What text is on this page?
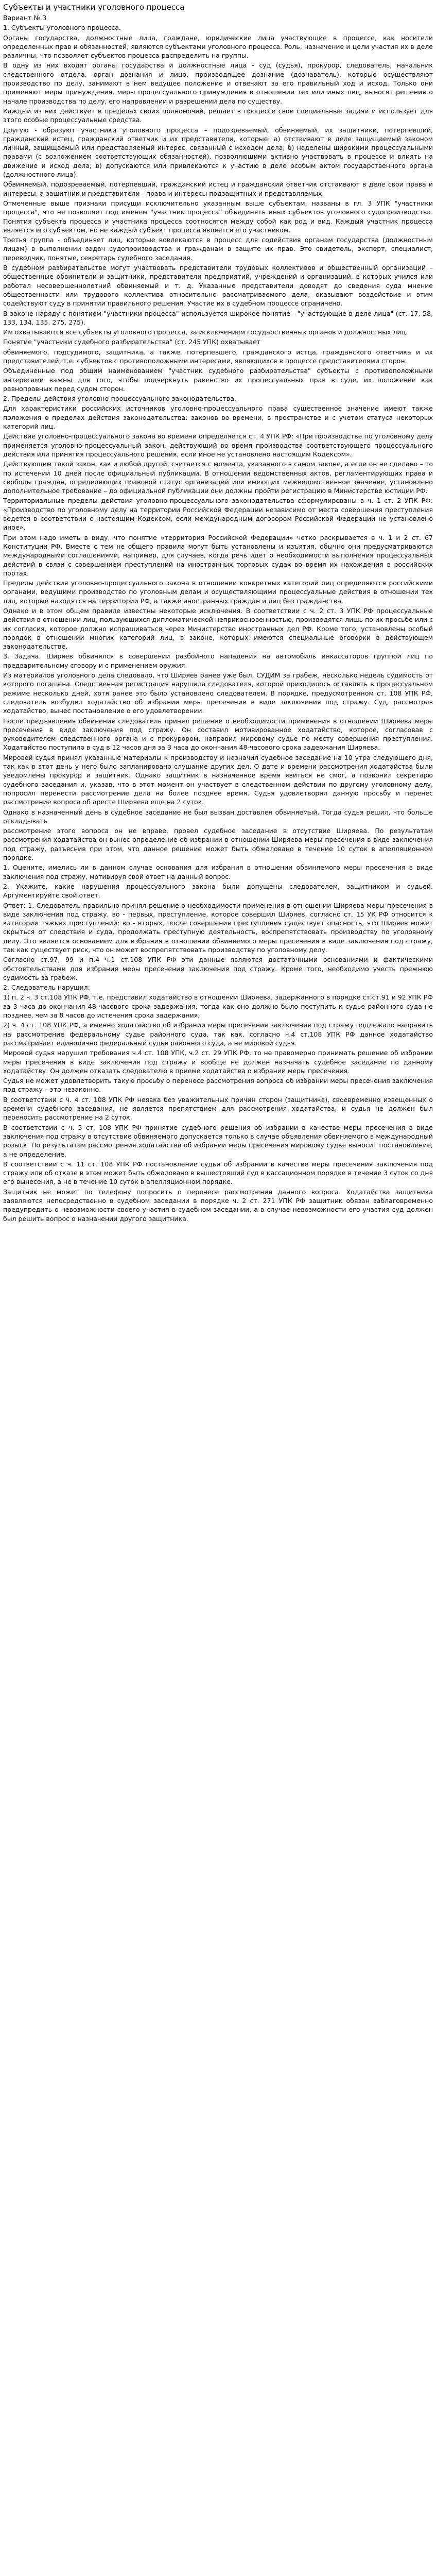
Субъекты и участники уголовного процесса
Вариант № 3
1. Субъекты уголовного процесса.
Органы государства, должностные лица, граждане, юридические лица участвующие в процессе, как носители определенных прав и обязанностей, являются субъектами уголовного процесса. Роль, назначение и цели участия их в деле различны, что позволяет субъектов процесса распределить на группы.
В одну из них входят органы государства и должностные лица - суд (судья), прокурор, следователь, начальник следственного отдела, орган дознания и лицо, производящее дознание (дознаватель), которые осуществляют производство по делу, занимают в нем ведущее положение и отвечают за его правильный ход и исход. Только они применяют меры принуждения, меры процессуального принуждения в отношении тех или иных лиц, выносят решения о начале производства по делу, его направлении и разрешении дела по существу.
Каждый из них действует в пределах своих полномочий, решает в процессе свои специальные задачи и использует для этого особые процессуальные средства.
Другую - образуют участники уголовного процесса – подозреваемый, обвиняемый, их защитники, потерпевший, гражданский истец, гражданский ответчик и их представители, которые: а) отстаивают в деле защищаемый законом личный, защищаемый или представляемый интерес, связанный с исходом дела; б) наделены широкими процессуальными правами (с возложением соответствующих обязанностей), позволяющими активно участвовать в процессе и влиять на движение и исход дела; в) допускаются или привлекаются к участию в деле особым актом государственного органа (должностного лица).
Обвиняемый, подозреваемый, потерпевший, гражданский истец и гражданский ответчик отстаивают в деле свои права и интересы, а защитник и представители - права и интересы подзащитных и представляемых.
Отмеченные выше признаки присущи исключительно указанным выше субъектам, названы в гл. 3 УПК "участники процесса", что не позволяет под именем "участник процесса" объединять иных субъектов уголовного судопроизводства. Понятия субъекта процесса и участника процесса соотносятся между собой как род и вид. Каждый участник процесса является его субъектом, но не каждый субъект процесса является его участником.
Третья группа - объединяет лиц, которые вовлекаются в процесс для содействия органам государства (должностным лицам) в выполнении задач судопроизводства и гражданам в защите их прав. Это свидетель, эксперт, специалист, переводчик, понятые, секретарь судебного заседания.
В судебном разбирательстве могут участвовать представители трудовых коллективов и общественный организаций – общественные обвинители и защитники, представители предприятий, учреждений и организаций, в которых учился или работал несовершеннолетний обвиняемый и т. д. Указанные представители доводят до сведения суда мнение общественности или трудового коллектива относительно рассматриваемого дела, оказывают воздействие и этим содействуют суду в принятии правильного решения. Участие их в судебном процессе ограничено.
В законе наряду с понятием "участники процесса" используется широкое понятие - "участвующие в деле лица" (ст. 17, 58, 133, 134, 135, 275, 275).
Им охватываются все субъекты уголовного процесса, за исключением государственных органов и должностных лиц.
Понятие "участники судебного разбирательства" (ст. 245 УПК) охватывает
обвиняемого, подсудимого, защитника, а также, потерпевшего, гражданского истца, гражданского ответчика и их представителей, т.е. субъектов с противоположными интересами, являющихся в процессе представителями сторон.
Объединенные под общим наименованием "участник судебного разбирательства" субъекты с противоположными интересами важны для того, чтобы подчеркнуть равенство их процессуальных прав в суде, их положение как равноправных перед судом сторон.
2. Пределы действия уголовно-процессуального законодательства.
Для характеристики российских источников уголовно-процессуального права существенное значение имеют также положения о пределах действия законодательства: законов во времени, в пространстве и с учетом статуса некоторых категорий лиц.
Действие уголовно-процессуального закона во времени определяется ст. 4 УПК РФ: «При производстве по уголовному делу применяется уголовно-процессуальный закон, действующий во время производства соответствующего процессуального действия или принятия процессуального решения, если иное не установлено настоящим Кодексом».
Действующим такой закон, как и любой другой, считается с момента, указанного в самом законе, а если он не сделано – то по истечении 10 дней после официальный публикации. В отношении ведомственных актов, регламентирующих права и свободы граждан, определяющих правовой статус организаций или имеющих межведомственное значение, установлено дополнительное требование – до официальной публикации они должны пройти регистрацию в Министерстве юстиции РФ.
Территориальные пределы действия уголовно-процессуального законодательства сформулированы в ч. 1 ст. 2 УПК РФ: «Производство по уголовному делу на территории Российской Федерации независимо от места совершения преступления ведется в соответствии с настоящим Кодексом, если международным договором Российской Федерации не установлено иное».
При этом надо иметь в виду, что понятие «территория Российской Федерации» четко раскрывается в ч. 1 и 2 ст. 67 Конституции РФ. Вместе с тем не общего правила могут быть установлены и изъятия, обычно они предусматриваются международными соглашениями, например, для случаев, когда речь идет о необходимости выполнения процессуальных действий в связи с совершением преступлений на иностранных торговых судах во время их нахождения в российских портах.
Пределы действия уголовно-процессуального закона в отношении конкретных категорий лиц определяются российскими органами, ведущими производство по уголовным делам и осуществляющими процессуальные действия в отношении тех лиц, которые находятся на территории РФ, а также иностранных граждан и лиц без гражданства.
Однако и в этом общем правиле известны некоторые исключения. В соответствии с ч. 2 ст. 3 УПК РФ процессуальные действия в отношении лиц, пользующихся дипломатической неприкосновенностью, производятся лишь по их просьбе или с их согласия, которое должно испрашиваться через Министерство иностранных дел РФ. Кроме того, установлены особый порядок в отношении многих категорий лиц, в законе, которых имеются специальные оговорки в действующем законодательстве.
3. Задача. Ширяев обвинялся в совершении разбойного нападения на автомобиль инкассаторов группой лиц по предварительному сговору и с применением оружия.
Из материалов уголовного дела следовало, что Ширяев ранее уже был, СУДИМ за грабеж, несколько недель судимость от которого погашена. Следственная регистрация нарушила следователя, которой приходилось оставлять в процессуальном режиме несколько дней, хотя ранее это было установлено следователем. В порядке, предусмотренном ст. 108 УПК РФ, следователь возбудил ходатайство об избрании меры пресечения в виде заключения под стражу. Суд, рассмотрев ходатайство, вынес постановление о его удовлетворении.
После предъявления обвинения следователь принял решение о необходимости применения в отношении Ширяева меры пресечения в виде заключения под стражу. Он составил мотивированное ходатайство, которое, согласовав с руководителем следственного органа и с прокурором, направил мировому судье по месту совершения преступления. Ходатайство поступило в суд в 12 часов дня за 3 часа до окончания 48-часового срока задержания Ширяева.
Мировой судья принял указанные материалы к производству и назначил судебное заседание на 10 утра следующего дня, так как в этот день у него было запланировано слушание других дел. О дате и времени рассмотрения ходатайства были уведомлены прокурор и защитник. Однако защитник в назначенное время явиться не смог, а позвонил секретарю судебного заседания и, указав, что в этот момент он участвует в следственном действии по другому уголовному делу, попросил перенести рассмотрение дела на более позднее время. Судья удовлетворил данную просьбу и перенес рассмотрение вопроса об аресте Ширяева еще на 2 суток.
Однако в назначенный день в судебное заседание не был вызван доставлен обвиняемый. Тогда судья решил, что больше откладывать
рассмотрение этого вопроса он не вправе, провел судебное заседание в отсутствие Ширяева. По результатам рассмотрения ходатайства он вынес определение об избрании в отношении Ширяева меры пресечения в виде заключения под стражу, разъяснив при этом, что данное решение может быть обжаловано в течение 10 суток в апелляционном порядке.
1. Оцените, имелись ли в данном случае основания для избрания в отношении обвиняемого меры пресечения в виде заключения под стражу, мотивируя свой ответ на данный вопрос.
2. Укажите, какие нарушения процессуального закона были допущены следователем, защитником и судьей. Аргументируйте свой ответ.
Ответ: 1. Следователь правильно принял решение о необходимости применения в отношении Ширяева меры пресечения в виде заключения под стражу, во - первых, преступление, которое совершил Ширяев, согласно ст. 15 УК РФ относится к категории тяжких преступлений; во - вторых, после совершения преступления существует опасность, что Ширяев может скрыться от следствия и суда, продолжать преступную деятельность, воспрепятствовать производству по уголовному делу. Это является основанием для избрания в отношении обвиняемого меры пресечения в виде заключения под стражу, так как существует риск, что он может воспрепятствовать производству по уголовному делу.
Согласно ст.97, 99 и п.4 ч.1 ст.108 УПК РФ эти данные являются достаточными основаниями и фактическими обстоятельствами для избрания меры пресечения заключения под стражу. Кроме того, необходимо учесть прежнюю судимость за грабеж.
2. Следователь нарушил:
1) п. 2 ч. 3 ст.108 УПК РФ, т.е. представил ходатайство в отношении Ширяева, задержанного в порядке ст.ст.91 и 92 УПК РФ за 3 часа до окончания 48-часового срока задержания, тогда как оно должно было поступить к судье районного суда не позднее, чем за 8 часов до истечения срока задержания;
2) ч. 4 ст. 108 УПК РФ, а именно ходатайство об избрании меры пресечения заключения под стражу подлежало направить на рассмотрение федеральному судье районного суда, так как, согласно ч.4 ст.108 УПК РФ данное ходатайство рассматривает единолично федеральный судья районного суда, а не мировой судья.
Мировой судья нарушил требования ч.4 ст. 108 УПК, ч.2 ст. 29 УПК РФ, то не правомерно принимать решение об избрании меры пресечения в виде заключения под стражу и вообще не должен назначать судебное заседание по данному ходатайству. Он должен отказать следователю в приеме ходатайства о избрании меры пресечения.
Судья не может удовлетворить такую просьбу о перенесе рассмотрения вопроса об избрании меры пресечения заключения под стражу – это незаконно.
В соответствии с ч. 4 ст. 108 УПК РФ неявка без уважительных причин сторон (защитника), своевременно извещенных о времени судебного заседания, не является препятствием для рассмотрения ходатайства, и судья не должен был переносить рассмотрение на 2 суток.
В соответствии с ч. 5 ст. 108 УПК РФ принятие судебного решения об избрании в качестве меры пресечения в виде заключения под стражу в отсутствие обвиняемого допускается только в случае объявления обвиняемого в международный розыск. По результатам рассмотрения ходатайства об избрании меры пресечения мировому судье выносит постановление, а не определение.
В соответствии с ч. 11 ст. 108 УПК РФ постановление судьи об избрании в качестве меры пресечения заключения под стражу или об отказе в этом может быть обжаловано в вышестоящий суд в кассационном порядке в течение 3 суток со дня его вынесения, а не в течение 10 суток в апелляционном порядке.
Защитник не может по телефону попросить о перенесе рассмотрения данного вопроса. Ходатайства защитника заявляются непосредственно в судебном заседании в порядке ч. 2 ст. 271 УПК РФ защитник обязан заблаговременно предупредить о невозможности своего участия в судебном заседании, а в случае невозможности его участия суд должен был решить вопрос о назначении другого защитника.
